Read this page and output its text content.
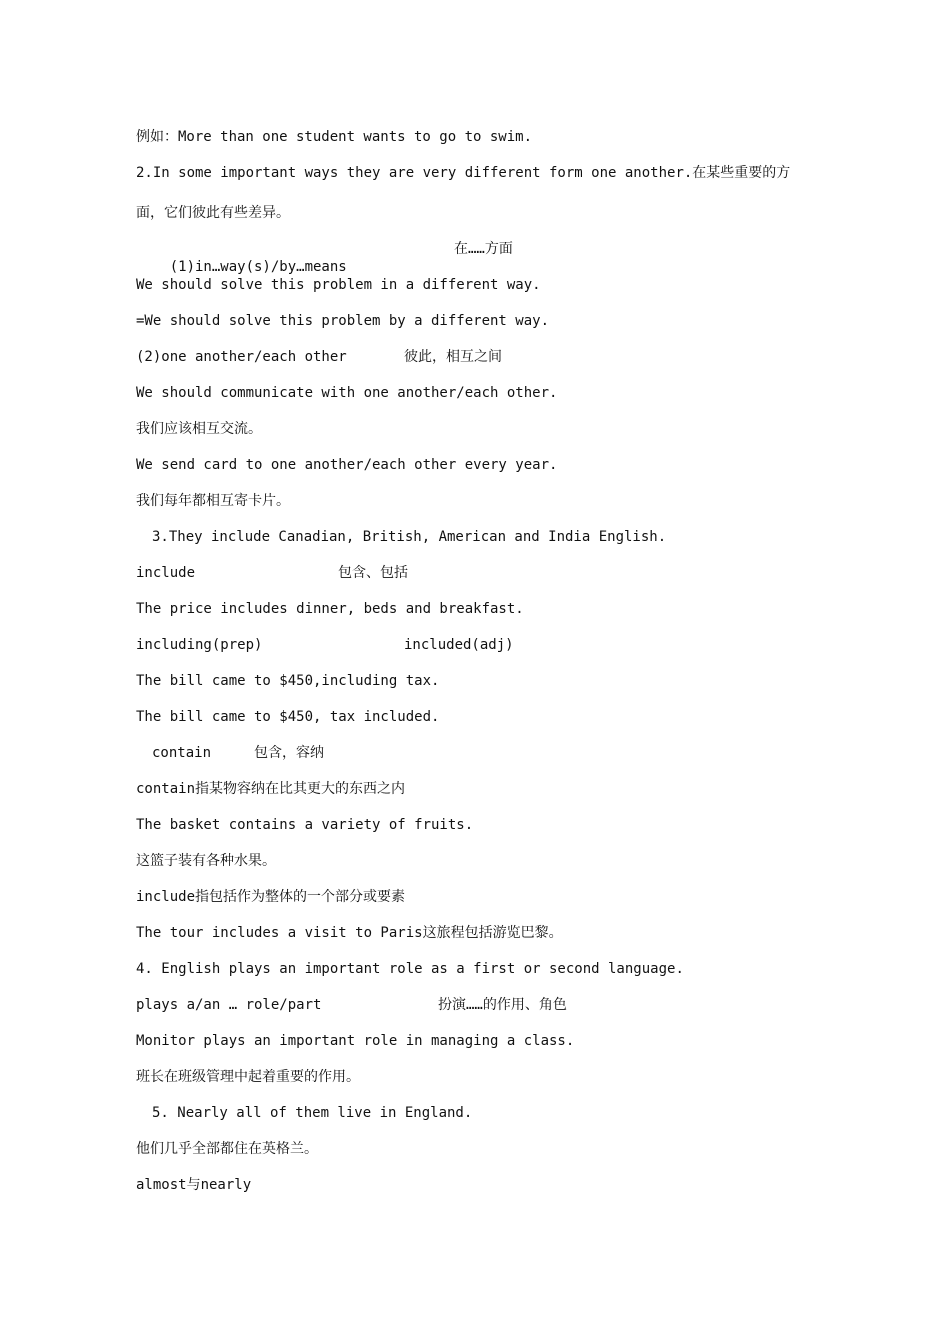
例如：More than one student wants to go to swim.
2.In some important ways they are very different form one another.在某些重要的方
面，它们彼此有些差异。

(1)in…way(s)/by…means

在……方面
We should solve this problem in a different way.
=We should solve this problem by a different way.
(2)one another/each other	彼此，相互之间
We should communicate with one another/each other.
我们应该相互交流。
We send card to one another/each other every year.
我们每年都相互寄卡片。
3.They include Canadian, British, American and India English.
include	包含、包括
The price includes dinner, beds and breakfast.
including(prep)	included(adj)
The bill came to $450,including tax.
The bill came to $450, tax included.
contain	包含，容纳
contain指某物容纳在比其更大的东西之内
The basket contains a variety of fruits.
这篮子装有各种水果。
include指包括作为整体的一个部分或要素
The tour includes a visit to Paris这旅程包括游览巴黎。
4. English plays an important role as a first or second language.
plays a/an … role/part	扮演……的作用、角色
Monitor plays an important role in managing a class.
班长在班级管理中起着重要的作用。
5. Nearly all of them live in England.
他们几乎全部都住在英格兰。
almost与nearly
